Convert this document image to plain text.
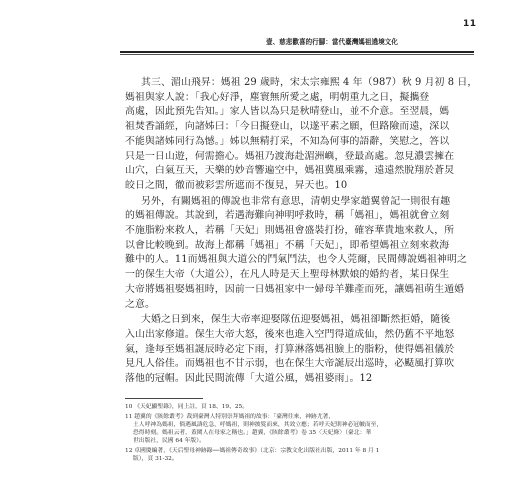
11
壹、慈悲歡喜的行腳：當代臺灣媽祖遶境文化
其三、湄山飛昇：媽祖 29 歲時，宋太宗雍熙 4 年（987）秋 9 月初 8 日，
媽祖與家人說：「我心好淨，塵寰無所愛之處，明朝重九之日，擬攜登
高處，因此預先告知。」家人皆以為只是秋晴登山，並不介意。至翌晨，媽
祖焚香誦經，向諸姊曰：「今日擬登山，以遂平素之願，但路險而遠，深以
不能與諸姊同行為憾。」姊以無精打采，不知為何事的語辭，笑慰之，答以
只是一日山遊，何需擔心。媽祖乃渡海赴湄洲嶼，登最高處。忽見濃雲擁在
山穴，白氣互天，天樂的妙音響遍空中，媽祖冀風乘霧，遠遠然脫翔於蒼炅
皎日之間，徹而被彩雲所遮而不復見，昇天也。10
另外，有關媽祖的傳說也非常有意思，清朝史學家趙翼曾記一則很有趣
的媽祖傳說。其說到，若遇海難向神明呼救時，稱「媽祖」，媽祖就會立刻
不施脂粉來救人，若稱「天妃」則媽祖會盛裝打扮，確容華貴地來救人，所
以會比較晚到。故海上都稱「媽祖」不稱「天妃」，即希望媽祖立刻來救海
難中的人。11而媽祖與大道公的鬥氣鬥法，也令人莞爾，民間傳說媽祖神明之
一的保生大帝（大道公），在凡人時是天上聖母林默娘的婚約者，某日保生
大帝將媽祖娶媽祖時，因前一日媽祖家中一婦母羊難產而死，讓媽祖萌生遁婚
之意。
大婚之日到來，保生大帝率迎娶隊伍迎娶媽祖，媽祖卻斷然拒婚，隨後
入山出家修道。保生大帝大怒，後來也進入空門得道成仙，然仍舊不平地怒
氣，逢每至媽祖誕辰時必定下雨，打算淋落媽祖臉上的脂粉，使得媽祖儀於
見凡人俗佳。而媽祖也不甘示弱，也在保生大帝誕辰出巡時，必颳風打算吹
落他的冠帽。因此民間流傳「大道公風，媽祖婆雨」。12
10 《天妃顯聖錄》，同上註，頁 18、19、25。
11 趙翼的《陔餘叢考》裁到臺灣人特別崇拜媽祖的故事：「臺灣往來，神跡尤著，
土人呼神為媽祖，倘遇風濤危急，呼媽祖，則神披髮而來，其效立應；若呼天妃則神必冠帔而至，
恐得時刻。媽祖云者，蓋閩人在母家之稱也。」趙翼，《陔餘叢考》卷 35〈天妃條〉（臺北：華
世出版社，民國 64 年版）。
12 卓國慶編著，《天后聖母神跡錄──媽祖傳奇故事》（北京：宗教文化出版社出版，2011 年 8 月 1
版），頁 31-32。
